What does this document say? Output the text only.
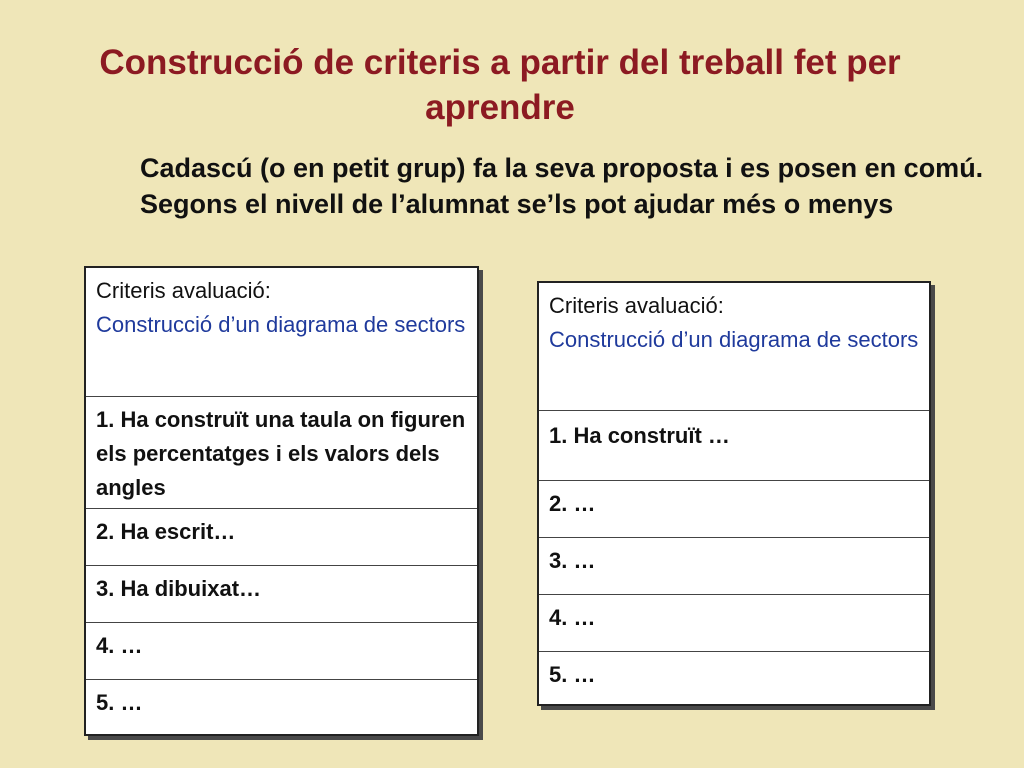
Construcció de criteris a partir del treball fet per aprendre
Cadascú (o en petit grup) fa la seva proposta i es posen en comú. Segons el nivell de l’alumnat se’ls pot ajudar més o menys
Criteris avaluació:
Construcció d’un diagrama de sectors
1. Ha construït una taula on figuren els percentatges i els valors dels angles
2. Ha escrit…
3. Ha dibuixat…
4. …
5. …
Criteris avaluació:
Construcció d’un diagrama de sectors
1. Ha construït …
2. …
3. …
4. …
5. …
